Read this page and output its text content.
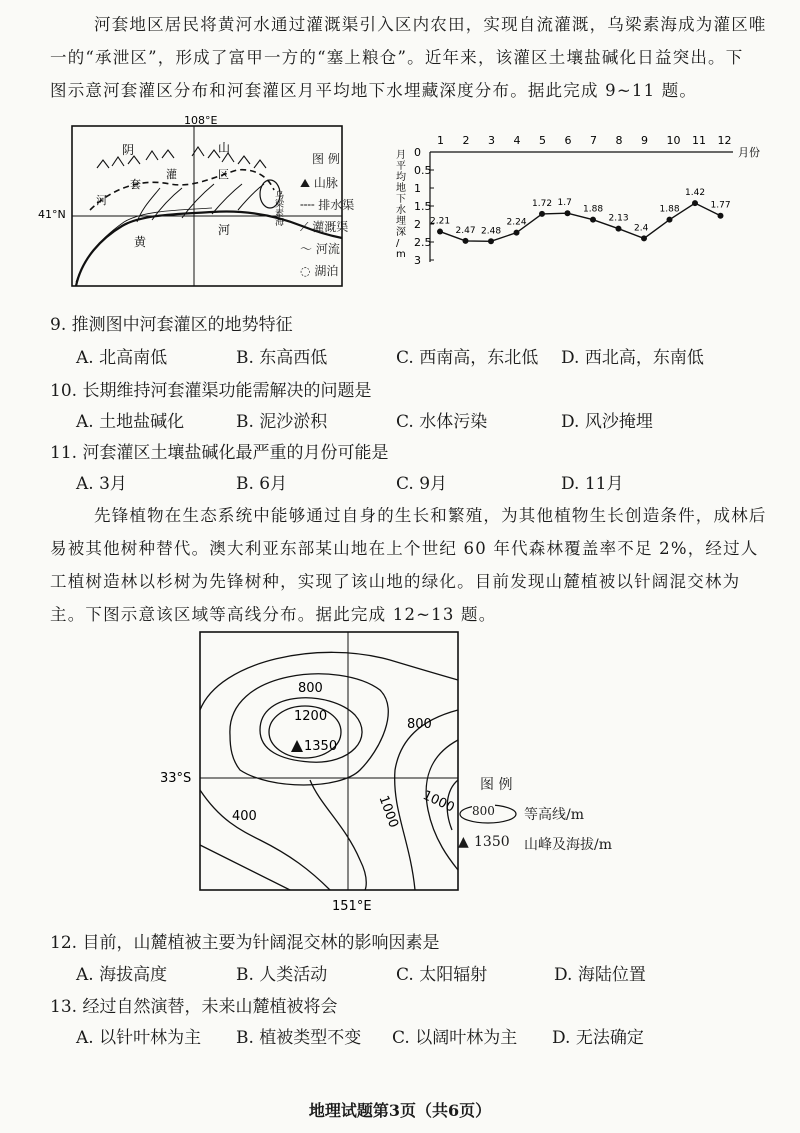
河套地区居民将黄河水通过灌溉渠引入区内农田，实现自流灌溉，乌梁素海成为灌区唯
一的“承泄区”，形成了富甲一方的“塞上粮仓”。近年来，该灌区土壤盐碱化日益突出。下
图示意河套灌区分布和河套灌区月平均地下水埋藏深度分布。据此完成 9~11 题。

108°E
41°N
阴	山
河
套
灌	区
黄
河
乌梁素海
图 例
⛰ 山脉
╌╌ 排水渠
⟋ 灌溉渠
〜 河流
◌ 湖泊
月
平
均
地
下
水
埋
深
/
m
月份
1 2 3 4 5 6 7 8 9 10 11 12
0
0.5
1
1.5
2
2.5
3
2.21
2.47 2.48
2.24
1.72 1.7
1.88
2.13
2.4
1.88
1.42
1.77
9. 推测图中河套灌区的地势特征
A. 北高南低	B. 东高西低	C. 西南高，东北低 D. 西北高，东南低
10. 长期维持河套灌渠功能需解决的问题是
A. 土地盐碱化	B. 泥沙淤积	C. 水体污染	D. 风沙掩埋
11. 河套灌区土壤盐碱化最严重的月份可能是
A. 3月	B. 6月	C. 9月	D. 11月

先锋植物在生态系统中能够通过自身的生长和繁殖，为其他植物生长创造条件，成林后
易被其他树种替代。澳大利亚东部某山地在上个世纪 60 年代森林覆盖率不足 2%，经过人
工植树造林以杉树为先锋树种，实现了该山地的绿化。目前发现山麓植被以针阔混交林为
主。下图示意该区域等高线分布。据此完成 12~13 题。

800
800
1200
1350
400	1000 1000
33°S
151°E
图 例
800 等高线/m
▲ 1350 山峰及海拔/m
12. 目前，山麓植被主要为针阔混交林的影响因素是
A. 海拔高度	B. 人类活动	C. 太阳辐射	D. 海陆位置
13. 经过自然演替，未来山麓植被将会
A. 以针叶林为主 B. 植被类型不变 C. 以阔叶林为主 D. 无法确定
地理试题第3页（共6页）
